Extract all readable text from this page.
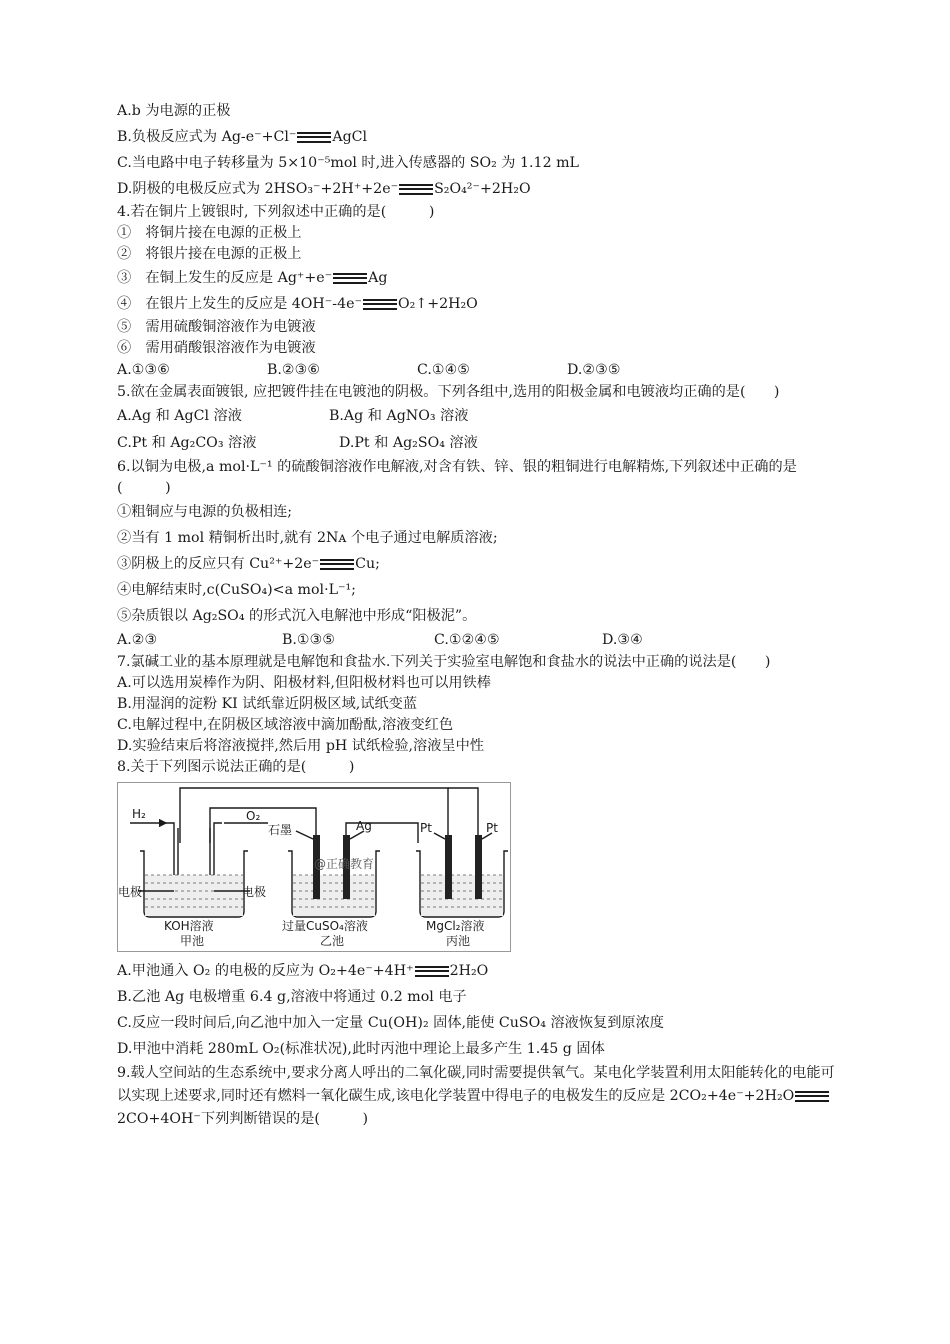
A.b 为电源的正极
B.负极反应式为 Ag-e⁻+Cl⁻	AgCl
C.当电路中电子转移量为 5×10⁻⁵mol 时,进入传感器的 SO₂ 为 1.12 mL
D.阴极的电极反应式为 2HSO₃⁻+2H⁺+2e⁻	S₂O₄²⁻+2H₂O
4.若在铜片上镀银时, 下列叙述中正确的是(　　　)
①　将铜片接在电源的正极上
②　将银片接在电源的正极上
③　在铜上发生的反应是 Ag⁺+e⁻	Ag
④　在银片上发生的反应是 4OH⁻-4e⁻	O₂↑+2H₂O
⑤　需用硫酸铜溶液作为电镀液
⑥　需用硝酸银溶液作为电镀液
A.①③⑥	B.②③⑥	C.①④⑤	D.②③⑤
5.欲在金属表面镀银, 应把镀件挂在电镀池的阴极。下列各组中,选用的阳极金属和电镀液均正确的是(　　)
A.Ag 和 AgCl 溶液	B.Ag 和 AgNO₃ 溶液
C.Pt 和 Ag₂CO₃ 溶液	D.Pt 和 Ag₂SO₄ 溶液
6.以铜为电极,a mol·L⁻¹ 的硫酸铜溶液作电解液,对含有铁、锌、银的粗铜进行电解精炼,下列叙述中正确的是(　　　)
①粗铜应与电源的负极相连;
②当有 1 mol 精铜析出时,就有 2Nᴀ 个电子通过电解质溶液;
③阴极上的反应只有 Cu²⁺+2e⁻	Cu;
④电解结束时,c(CuSO₄)<a mol·L⁻¹;
⑤杂质银以 Ag₂SO₄ 的形式沉入电解池中形成“阳极泥”。
A.②③	B.①③⑤	C.①②④⑤	D.③④
7.氯碱工业的基本原理就是电解饱和食盐水.下列关于实验室电解饱和食盐水的说法中正确的说法是(　　)
A.可以选用炭棒作为阴、阳极材料,但阳极材料也可以用铁棒
B.用湿润的淀粉 KI 试纸靠近阴极区域,试纸变蓝
C.电解过程中,在阴极区域溶液中滴加酚酞,溶液变红色
D.实验结束后将溶液搅拌,然后用 pH 试纸检验,溶液呈中性
8.关于下列图示说法正确的是(　　　)
H₂	O₂
石墨	Ag	Pt	Pt
电极	电极
@正确教育
KOH溶液
甲池
过量CuSO₄溶液
乙池
MgCl₂溶液
丙池
A.甲池通入 O₂ 的电极的反应为 O₂+4e⁻+4H⁺	2H₂O
B.乙池 Ag 电极增重 6.4 g,溶液中将通过 0.2 mol 电子
C.反应一段时间后,向乙池中加入一定量 Cu(OH)₂ 固体,能使 CuSO₄ 溶液恢复到原浓度
D.甲池中消耗 280mL O₂(标准状况),此时丙池中理论上最多产生 1.45 g 固体
9.载人空间站的生态系统中,要求分离人呼出的二氧化碳,同时需要提供氧气。某电化学装置利用太阳能转化的电能可以实现上述要求,同时还有燃料一氧化碳生成,该电化学装置中得电子的电极发生的反应是 2CO₂+4e⁻+2H₂O2CO+4OH⁻下列判断错误的是(　　　)
